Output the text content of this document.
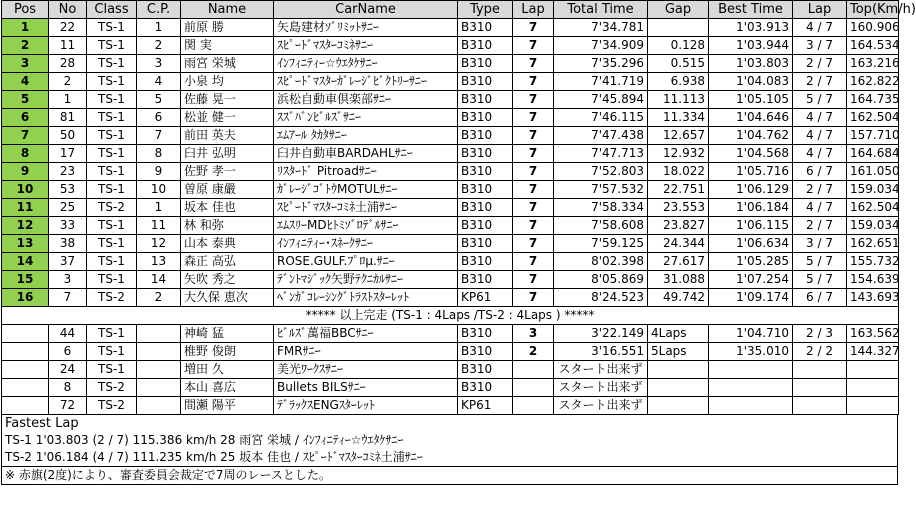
Pos	No	Class	C.P.	Name	CarName	Type	Lap	Total Time	Gap	Best Time	Lap	Top(Km/h)
1	22	TS-1	1	前原 勝	矢島建材ｿﾞﾘﾐｯﾄｻﾆｰ	B310	7	7'34.781		1'03.913	4 / 7	160.906
2	11	TS-1	2	関 実	ｽﾋﾟｰﾄﾞﾏｽﾀｰｺﾐﾈｻﾆｰ	B310	7	7'34.909	0.128	1'03.944	3 / 7	164.534
3	28	TS-1	3	雨宮 栄城	ｲﾝﾌｨﾆﾃｨｰ☆ｳｴﾀｹｻﾆｰ	B310	7	7'35.296	0.515	1'03.803	2 / 7	163.216
4	2	TS-1	4	小泉 均	ｽﾋﾟｰﾄﾞﾏｽﾀｰｶﾞﾚｰｼﾞﾋﾞｸﾄﾘｰｻﾆｰ	B310	7	7'41.719	6.938	1'04.083	2 / 7	162.822
5	1	TS-1	5	佐藤 晃一	浜松自動車倶楽部ｻﾆｰ	B310	7	7'45.894	11.113	1'05.105	5 / 7	164.735
6	81	TS-1	6	松並 健一	ｽｽﾞﾊﾞﾝﾋﾞﾙｽﾞｻﾆｰ	B310	7	7'46.115	11.334	1'04.646	4 / 7	162.504
7	50	TS-1	7	前田 英夫	ｴﾑｱｰﾙ ﾀｶﾀｻﾆｰ	B310	7	7'47.438	12.657	1'04.762	4 / 7	157.710
8	17	TS-1	8	臼井 弘明	臼井自動車BARDAHLｻﾆｰ	B310	7	7'47.713	12.932	1'04.568	4 / 7	164.684
9	23	TS-1	9	佐野 孝一	ﾘｽﾀｰﾄﾞ Pitroadｻﾆｰ	B310	7	7'52.803	18.022	1'05.716	6 / 7	161.050
10	53	TS-1	10	曽原 康嚴	ｶﾞﾚｰｼﾞｺﾞﾄｳMOTULｻﾆｰ	B310	7	7'57.532	22.751	1'06.129	2 / 7	159.034
11	25	TS-2	1	坂本 佳也	ｽﾋﾟｰﾄﾞﾏｽﾀｰｺﾐﾈ土浦ｻﾆｰ	B310	7	7'58.334	23.553	1'06.184	4 / 7	162.504
12	33	TS-1	11	林 和弥	ｴﾑｽﾘｰMDﾋﾄﾐｿﾞﾛﾃﾞﾙｻﾆｰ	B310	7	7'58.608	23.827	1'06.115	2 / 7	159.034
13	38	TS-1	12	山本 泰典	ｲﾝﾌｨﾆﾃｨｰ･ｽﾈｰｸｻﾆｰ	B310	7	7'59.125	24.344	1'06.634	3 / 7	162.651
14	37	TS-1	13	森正 高弘	ROSE.GULF.ﾌﾟﾛμ.ｻﾆｰ	B310	7	8'02.398	27.617	1'05.285	5 / 7	155.732
15	3	TS-1	14	矢吹 秀之	ﾃﾞﾝﾄﾏｼﾞｯｸ矢野ﾃｸﾆｶﾙｻﾆｰ	B310	7	8'05.869	31.088	1'07.254	5 / 7	154.639
16	7	TS-2	2	大久保 恵次	ﾍﾞﾝｶﾞｺﾚｰｼﾝｸﾞﾄﾗｽﾄｽﾀｰﾚｯﾄ	KP61	7	8'24.523	49.742	1'09.174	6 / 7	143.693
***** 以上完走 (TS-1 : 4Laps /TS-2 : 4Laps ) *****												
	44	TS-1		神崎 猛	ﾋﾞﾙｽﾞ萬福BBCｻﾆｰ	B310	3	3'22.149	4Laps	1'04.710	2 / 3	163.562
	6	TS-1		椎野 俊朗	FMRｻﾆｰ	B310	2	3'16.551	5Laps	1'35.010	2 / 2	144.327
	24	TS-1		増田 久	美光ﾜｰｸｽｻﾆｰ	B310		スタート出来ず				
	8	TS-2		本山 喜広	Bullets BILSｻﾆｰ	B310		スタート出来ず				
	72	TS-2		間瀬 陽平	ﾃﾞﾗｯｸｽENGｽﾀｰﾚｯﾄ	KP61		スタート出来ず				
Fastest Lap
TS-1 1'03.803 (2 / 7) 115.386 km/h 28 雨宮 栄城 / ｲﾝﾌｨﾆﾃｨｰ☆ｳｴﾀｹｻﾆｰ
TS-2 1'06.184 (4 / 7) 111.235 km/h 25 坂本 佳也 / ｽﾋﾟｰﾄﾞﾏｽﾀｰｺﾐﾈ土浦ｻﾆｰ
※ 赤旗(2度)により、審査委員会裁定で7周のレースとした。
